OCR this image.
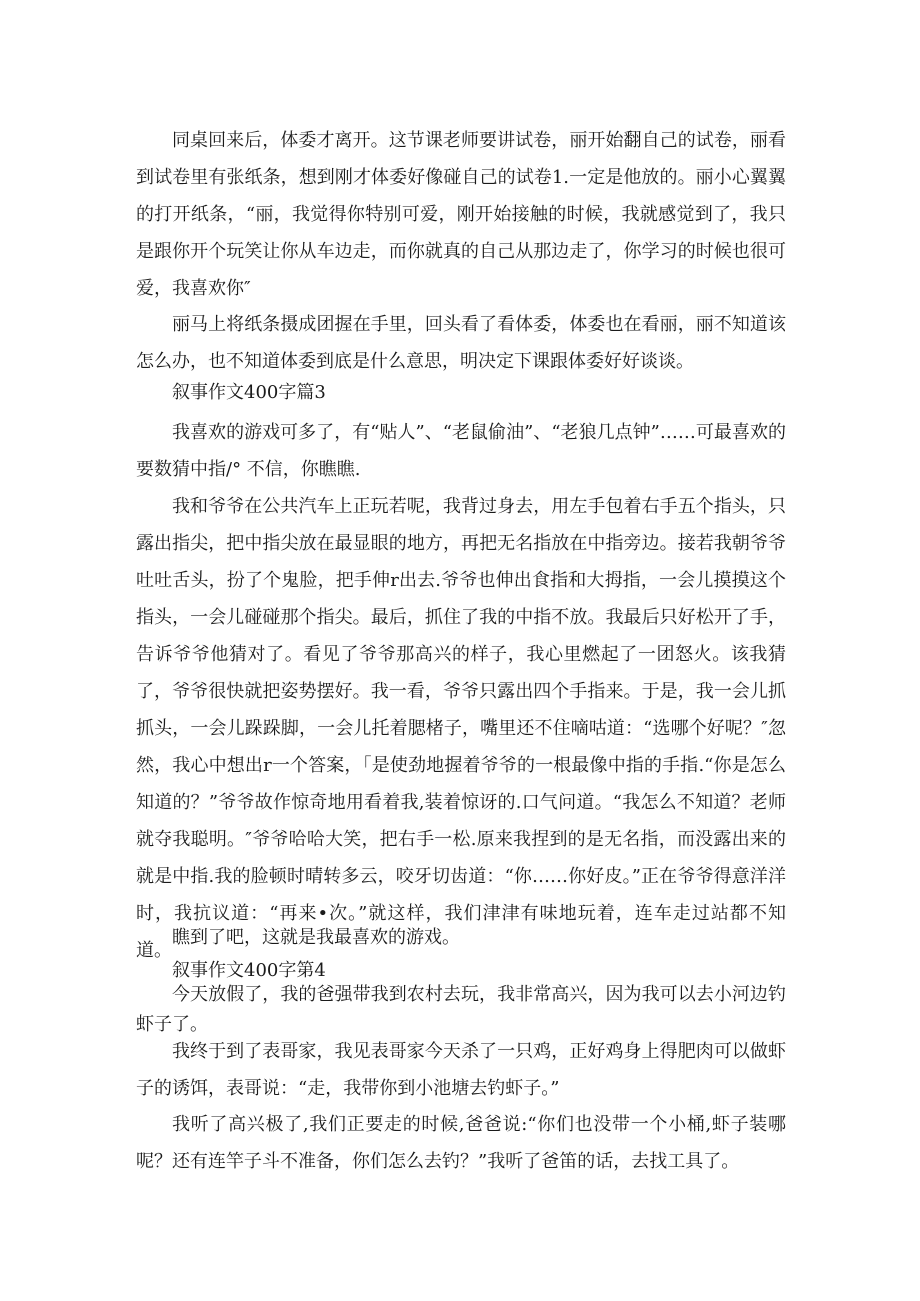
同桌回来后，体委才离开。这节课老师要讲试卷，丽开始翻自己的试卷，丽看到试卷里有张纸条，想到刚才体委好像碰自己的试卷1.一定是他放的。丽小心翼翼的打开纸条，“丽，我觉得你特别可爱，刚开始接触的时候，我就感觉到了，我只是跟你开个玩笑让你从车边走，而你就真的自己从那边走了，你学习的时候也很可爱，我喜欢你″

丽马上将纸条摄成团握在手里，回头看了看体委，体委也在看丽，丽不知道该怎么办，也不知道体委到底是什么意思，明决定下课跟体委好好谈谈。

叙事作文400字篇3

我喜欢的游戏可多了，有“贴人”、“老鼠偷油”、“老狼几点钟”……可最喜欢的要数猜中指/° 不信，你瞧瞧.

我和爷爷在公共汽车上正玩若呢，我背过身去，用左手包着右手五个指头，只露出指尖，把中指尖放在最显眼的地方，再把无名指放在中指旁边。接若我朝爷爷吐吐舌头，扮了个鬼脸，把手伸r出去.爷爷也伸出食指和大拇指，一会儿摸摸这个指头，一会儿碰碰那个指尖。最后，抓住了我的中指不放。我最后只好松开了手，告诉爷爷他猜对了。看见了爷爷那高兴的样子，我心里燃起了一团怒火。该我猜了，爷爷很快就把姿势摆好。我一看，爷爷只露出四个手指来。于是，我一会儿抓抓头，一会儿跺跺脚，一会儿托着腮楮子，嘴里还不住嘀咕道：“选哪个好呢？″忽然，我心中想出r一个答案，「是使劲地握着爷爷的一根最像中指的手指.“你是怎么知道的？”爷爷故作惊奇地用看着我,装着惊讶的.口气问道。“我怎么不知道？老师就夺我聪明。″爷爷哈哈大笑，把右手一松.原来我捏到的是无名指，而没露出来的就是中指.我的脸顿时晴转多云，咬牙切齿道：“你……你好皮。”正在爷爷得意洋洋时，我抗议道：“再来•次。”就这样，我们津津有味地玩着，连车走过站都不知道。

瞧到了吧，这就是我最喜欢的游戏。

叙事作文400字第4

今天放假了，我的爸强带我到农村去玩，我非常高兴，因为我可以去小河边钓虾子了。

我终于到了表哥家，我见表哥家今天杀了一只鸡，正好鸡身上得肥肉可以做虾子的诱饵，表哥说：“走，我带你到小池塘去钓虾子。”

我听了高兴极了,我们正要走的时候,爸爸说:“你们也没带一个小桶,虾子装哪呢？还有连竿子斗不准备，你们怎么去钓？”我听了爸笛的话，去找工具了。
